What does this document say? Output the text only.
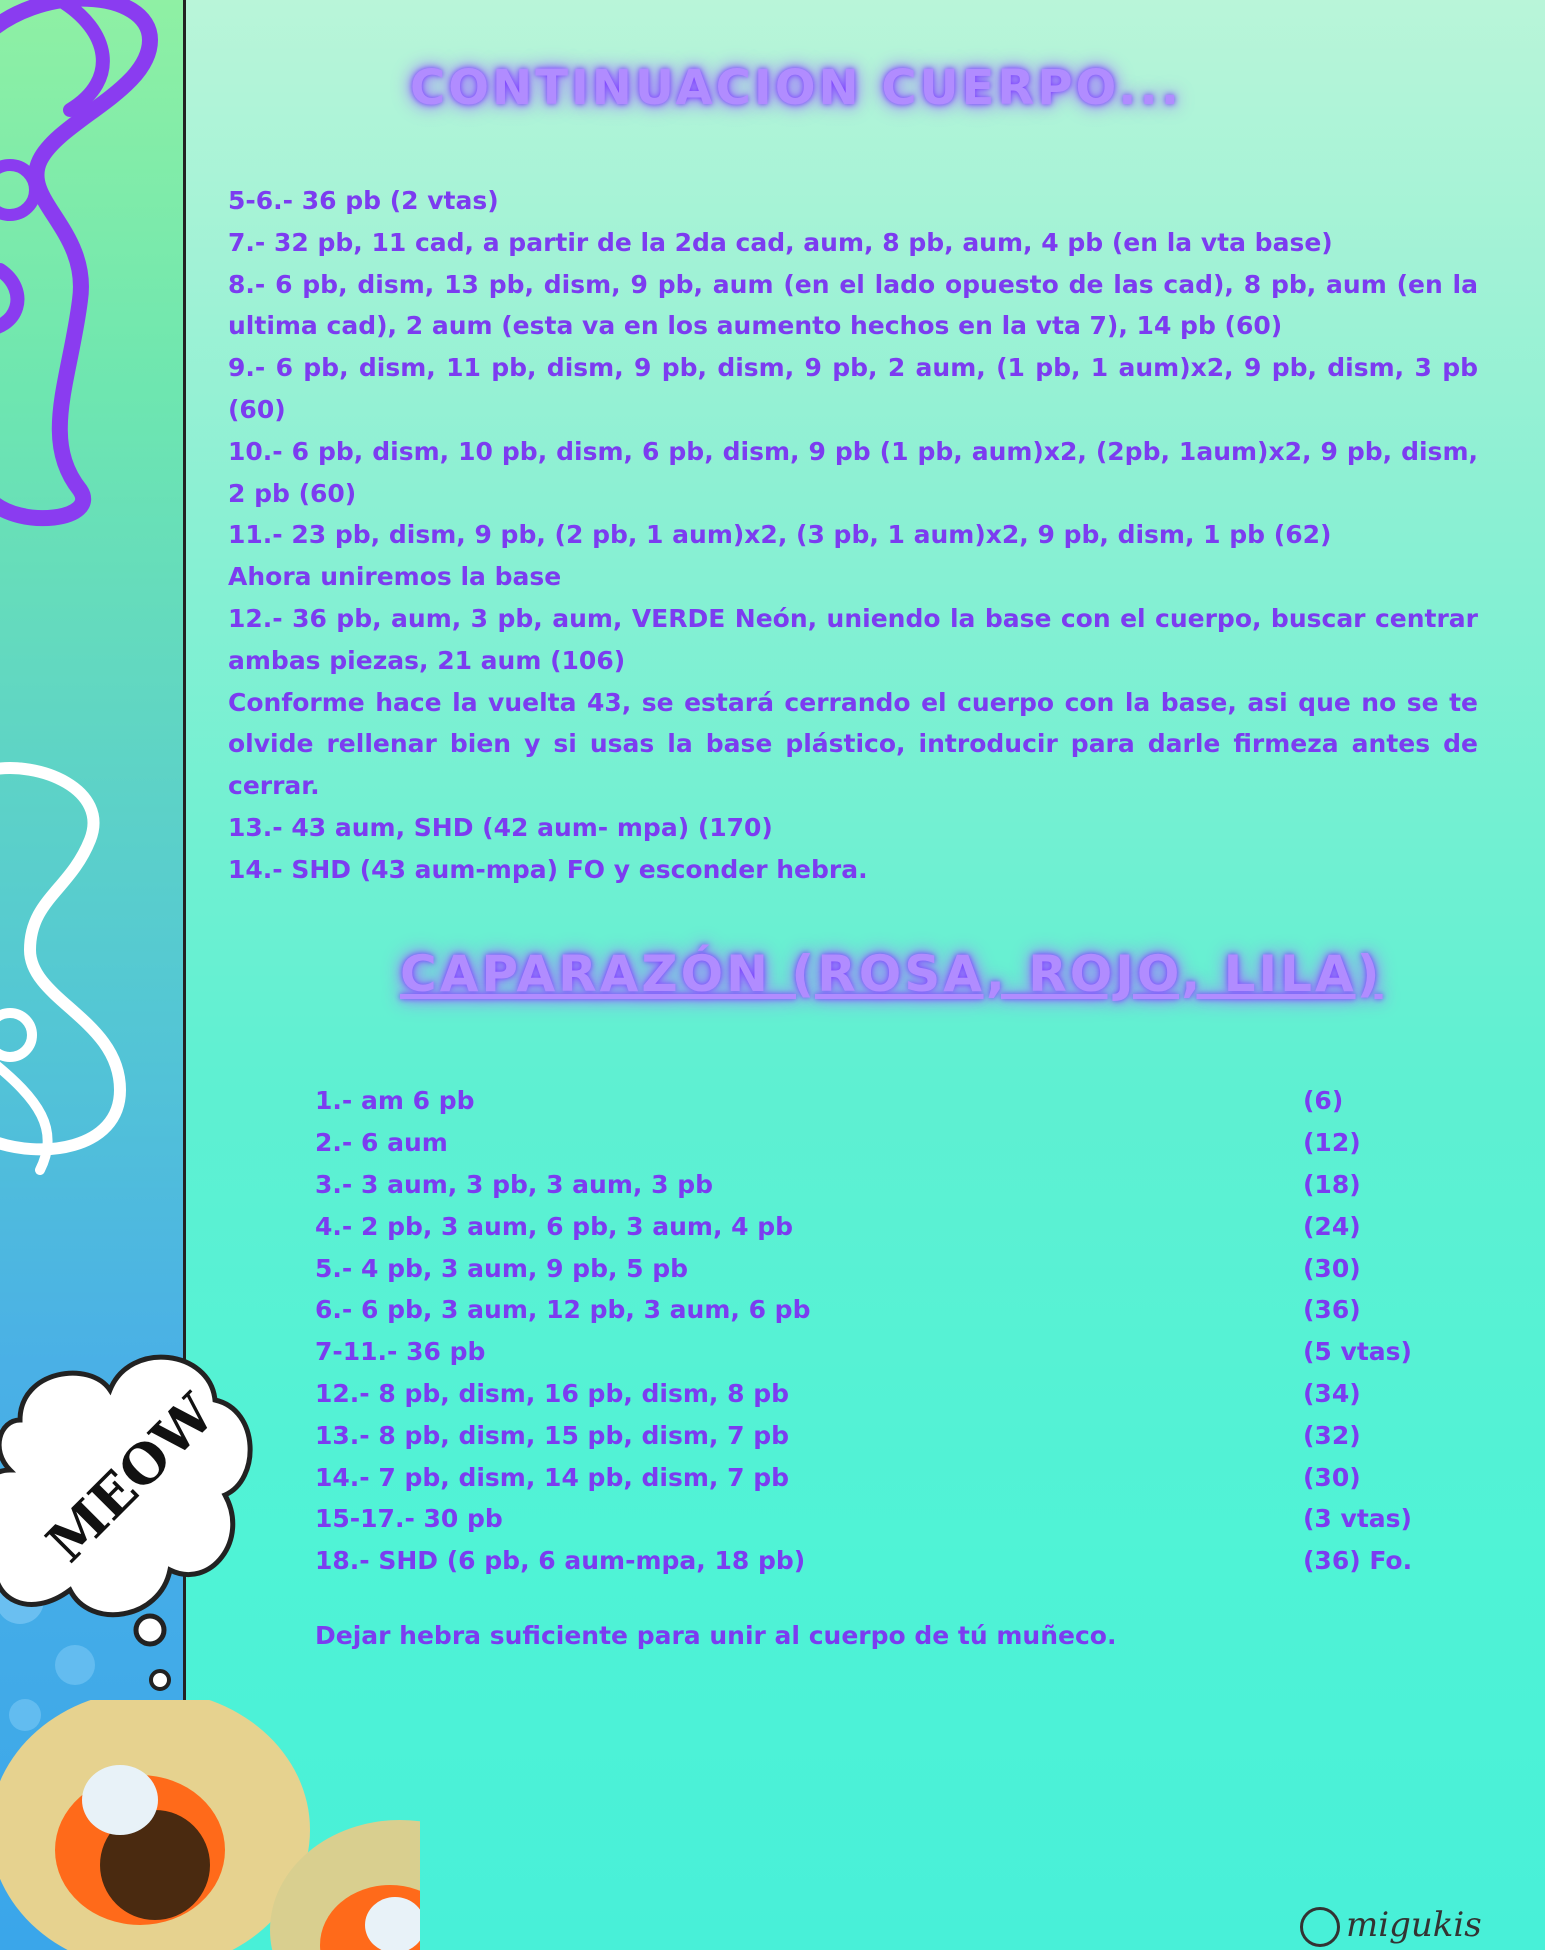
MEOW
CONTINUACION CUERPO...

5-6.- 36 pb (2 vtas)

7.- 32 pb, 11 cad, a partir de la 2da cad, aum, 8 pb, aum, 4 pb (en la vta base)

8.- 6 pb, dism, 13 pb, dism, 9 pb, aum (en el lado opuesto de las cad), 8 pb, aum (en la ultima cad), 2 aum (esta va en los aumento hechos en la vta 7), 14 pb (60)

9.- 6 pb, dism, 11 pb, dism, 9 pb, dism, 9 pb, 2 aum, (1 pb, 1 aum)x2, 9 pb, dism, 3 pb (60)

10.- 6 pb, dism, 10 pb, dism, 6 pb, dism, 9 pb (1 pb, aum)x2, (2pb, 1aum)x2, 9 pb, dism, 2 pb (60)

11.- 23 pb, dism, 9 pb, (2 pb, 1 aum)x2, (3 pb, 1 aum)x2, 9 pb, dism, 1 pb (62)

Ahora uniremos la base

12.- 36 pb, aum, 3 pb, aum, VERDE Neón, uniendo la base con el cuerpo, buscar centrar ambas piezas, 21 aum (106)

Conforme hace la vuelta 43, se estará cerrando el cuerpo con la base, asi que no se te olvide rellenar bien y si usas la base plástico, introducir para darle firmeza antes de cerrar.

13.- 43 aum, SHD (42 aum- mpa) (170)

14.- SHD (43 aum-mpa) FO y esconder hebra.

CAPARAZÓN (ROSA, ROJO, LILA)
1.- am 6 pb	(6)
2.- 6 aum	(12)
3.- 3 aum, 3 pb, 3 aum, 3 pb	(18)
4.- 2 pb, 3 aum, 6 pb, 3 aum, 4 pb	(24)
5.- 4 pb, 3 aum, 9 pb, 5 pb	(30)
6.- 6 pb, 3 aum, 12 pb, 3 aum, 6 pb	(36)
7-11.- 36 pb	(5 vtas)
12.- 8 pb, dism, 16 pb, dism, 8 pb	(34)
13.- 8 pb, dism, 15 pb, dism, 7 pb	(32)
14.- 7 pb, dism, 14 pb, dism, 7 pb	(30)
15-17.- 30 pb	(3 vtas)
18.- SHD (6 pb, 6 aum-mpa, 18 pb)	(36) Fo.
Dejar hebra suficiente para unir al cuerpo de tú muñeco.
migukis
